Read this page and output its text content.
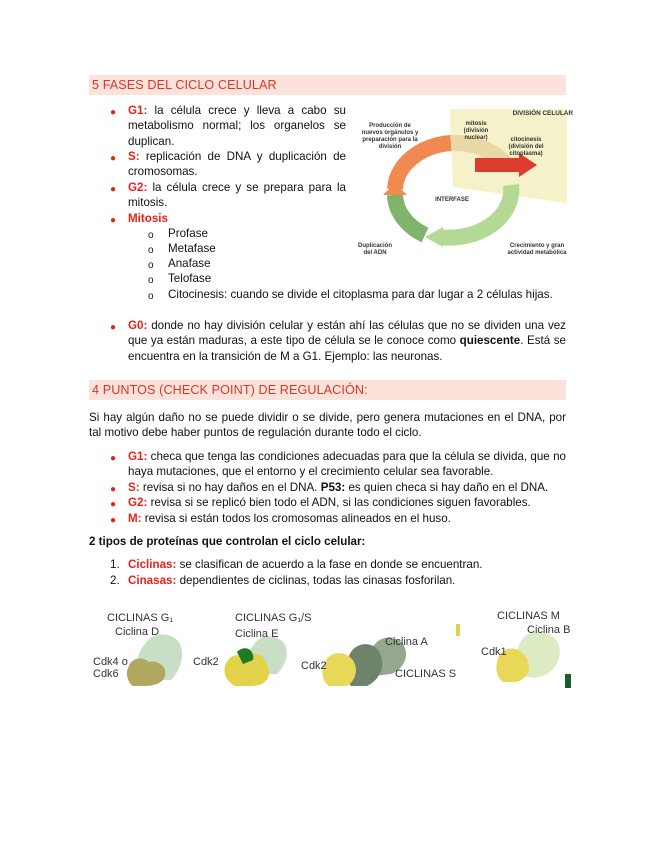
5 FASES DEL CICLO CELULAR
● G1: la célula crece y lleva a cabo su metabolismo normal; los organelos se duplican.
● S: replicación de DNA y duplicación de cromosomas.
● G2: la célula crece y se prepara para la mitosis.
● Mitosis
o Profase
o Metafase
o Anafase
o Telofase
o Citocinesis: cuando se divide el citoplasma para dar lugar a 2 células hijas.
● G0: donde no hay división celular y están ahí las células que no se dividen una vez que ya están maduras, a este tipo de célula se le conoce como quiescente. Está se encuentra en la transición de M a G1. Ejemplo: las neuronas.
DIVISIÓN CELULAR
mitosis (división nuclear)	citocinesis (división del citoplasma)
Producción de nuevos orgánulos y preparación para la división
INTERFASE
Duplicación del ADN
Crecimiento y gran actividad metabólica
4 PUNTOS (CHECK POINT) DE REGULACIÓN:
Si hay algún daño no se puede dividir o se divide, pero genera mutaciones en el DNA, por tal motivo debe haber puntos de regulación durante todo el ciclo.
● G1: checa que tenga las condiciones adecuadas para que la célula se divida, que no haya mutaciones, que el entorno y el crecimiento celular sea favorable.
● S: revisa si no hay daños en el DNA. P53: es quien checa si hay daño en el DNA.
● G2: revisa si se replicó bien todo el ADN, si las condiciones siguen favorables.
● M: revisa si están todos los cromosomas alineados en el huso.
2 tipos de proteínas que controlan el ciclo celular:
1. Ciclinas: se clasifican de acuerdo a la fase en donde se encuentran.
2. Cinasas: dependientes de ciclinas, todas las cinasas fosforilan.
CICLINAS G₁
Ciclina D
Cdk4 o Cdk6
CICLINAS G₁/S
Ciclina E
Cdk2	Cdk2
Ciclina A
CICLINAS S
CICLINAS M
Ciclina B
Cdk1
